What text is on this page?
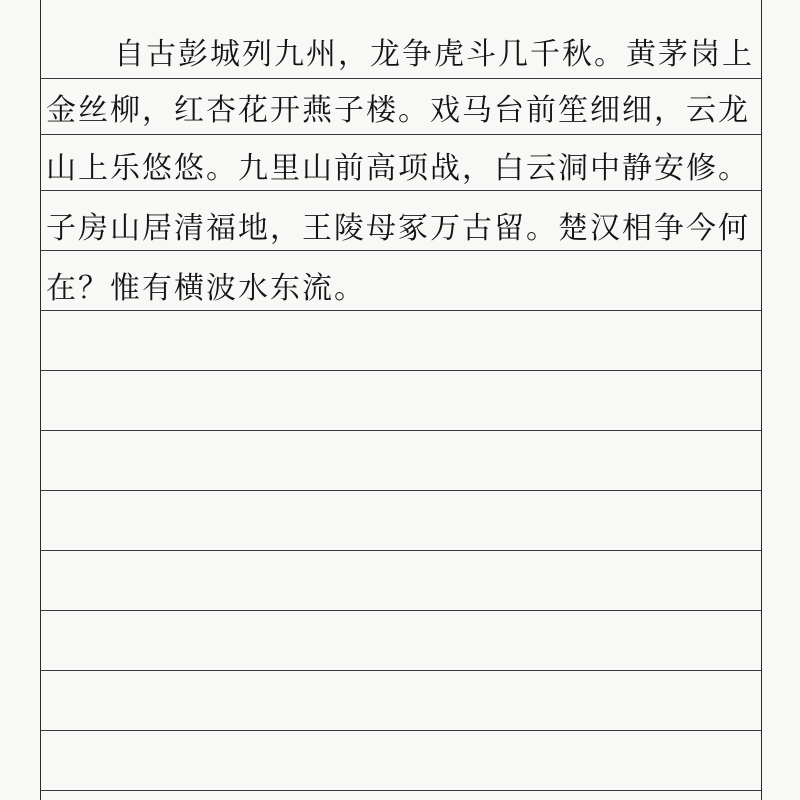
　自古彭城列九州，龙争虎斗几千秋。黄茅岗上
金丝柳，红杏花开燕子楼。戏马台前笙细细，云龙
山上乐悠悠。九里山前高项战，白云洞中静安修。
子房山居清福地，王陵母冢万古留。楚汉相争今何
在？惟有横波水东流。
